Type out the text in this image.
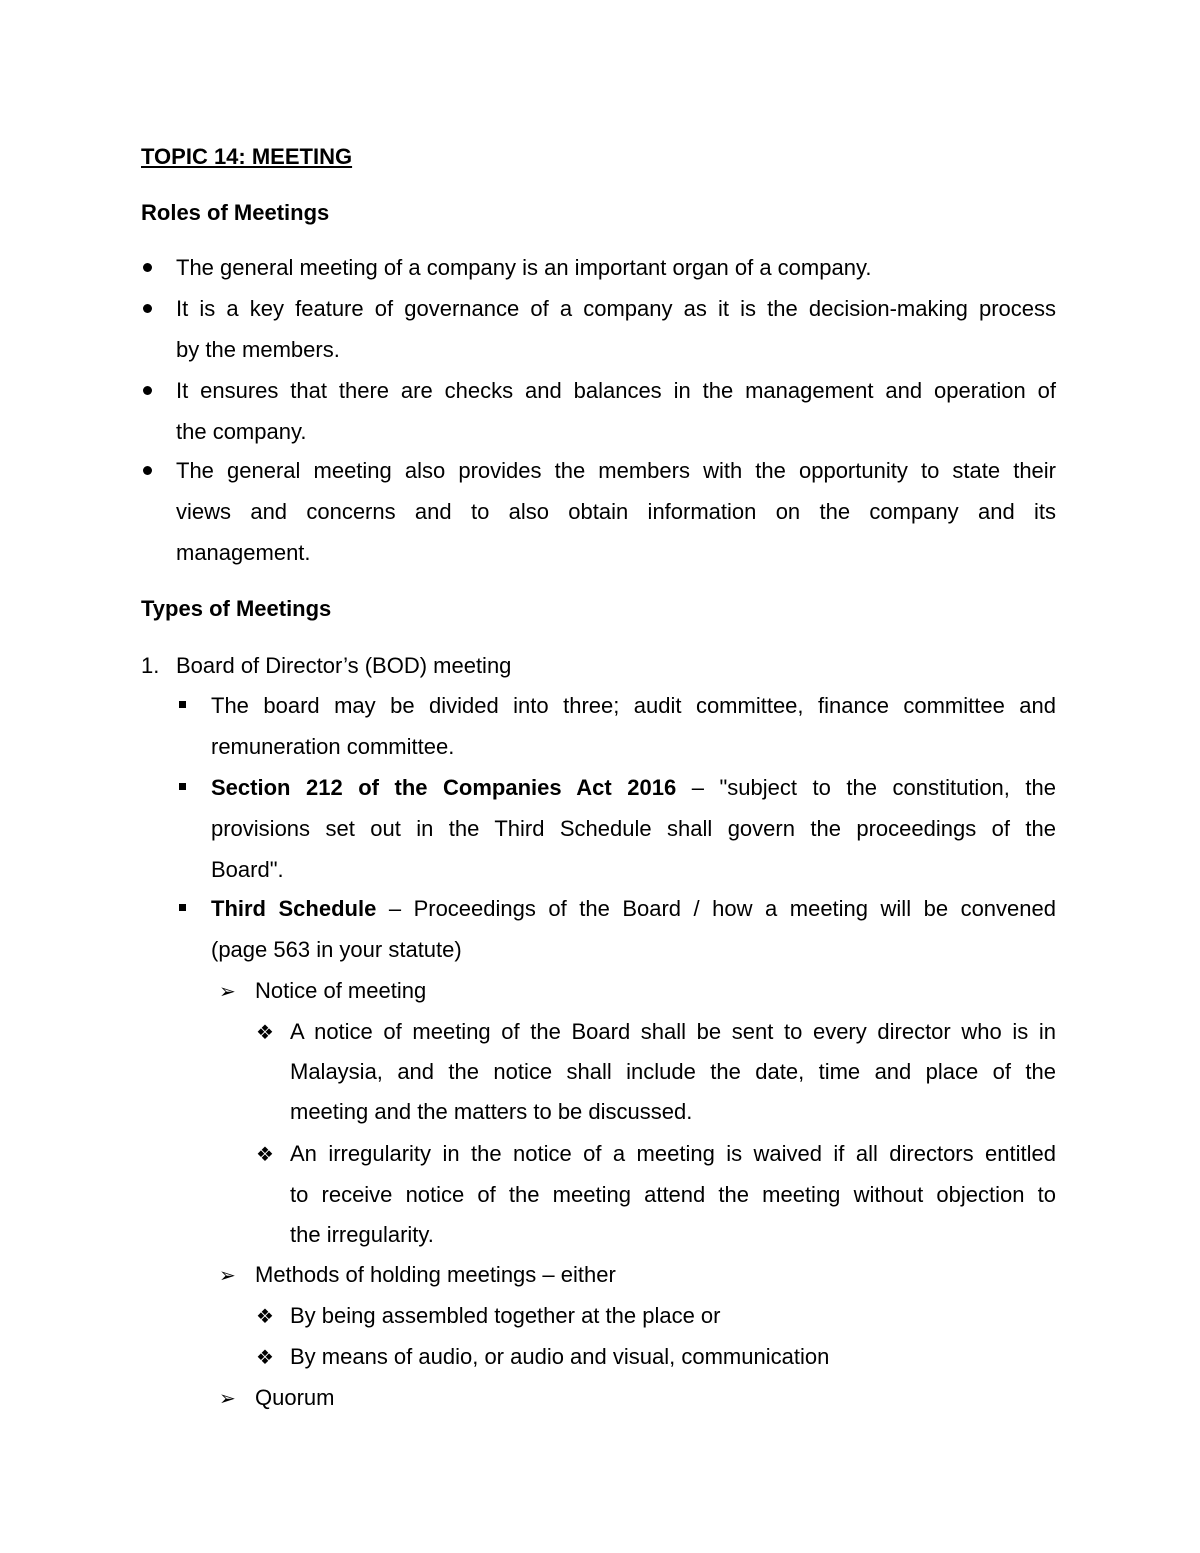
TOPIC 14: MEETING
Roles of Meetings
The general meeting of a company is an important organ of a company.
It is a key feature of governance of a company as it is the decision-making process
by the members.
It ensures that there are checks and balances in the management and operation of
the company.
The general meeting also provides the members with the opportunity to state their
views and concerns and to also obtain information on the company and its
management.
Types of Meetings
1. Board of Director’s (BOD) meeting
The board may be divided into three; audit committee, finance committee and
remuneration committee.
Section 212 of the Companies Act 2016 – "subject to the constitution, the
provisions set out in the Third Schedule shall govern the proceedings of the
Board".
Third Schedule – Proceedings of the Board / how a meeting will be convened
(page 563 in your statute)
➢ Notice of meeting
❖ A notice of meeting of the Board shall be sent to every director who is in
Malaysia, and the notice shall include the date, time and place of the
meeting and the matters to be discussed.
❖ An irregularity in the notice of a meeting is waived if all directors entitled
to receive notice of the meeting attend the meeting without objection to
the irregularity.
➢ Methods of holding meetings – either
❖ By being assembled together at the place or
❖ By means of audio, or audio and visual, communication
➢ Quorum
